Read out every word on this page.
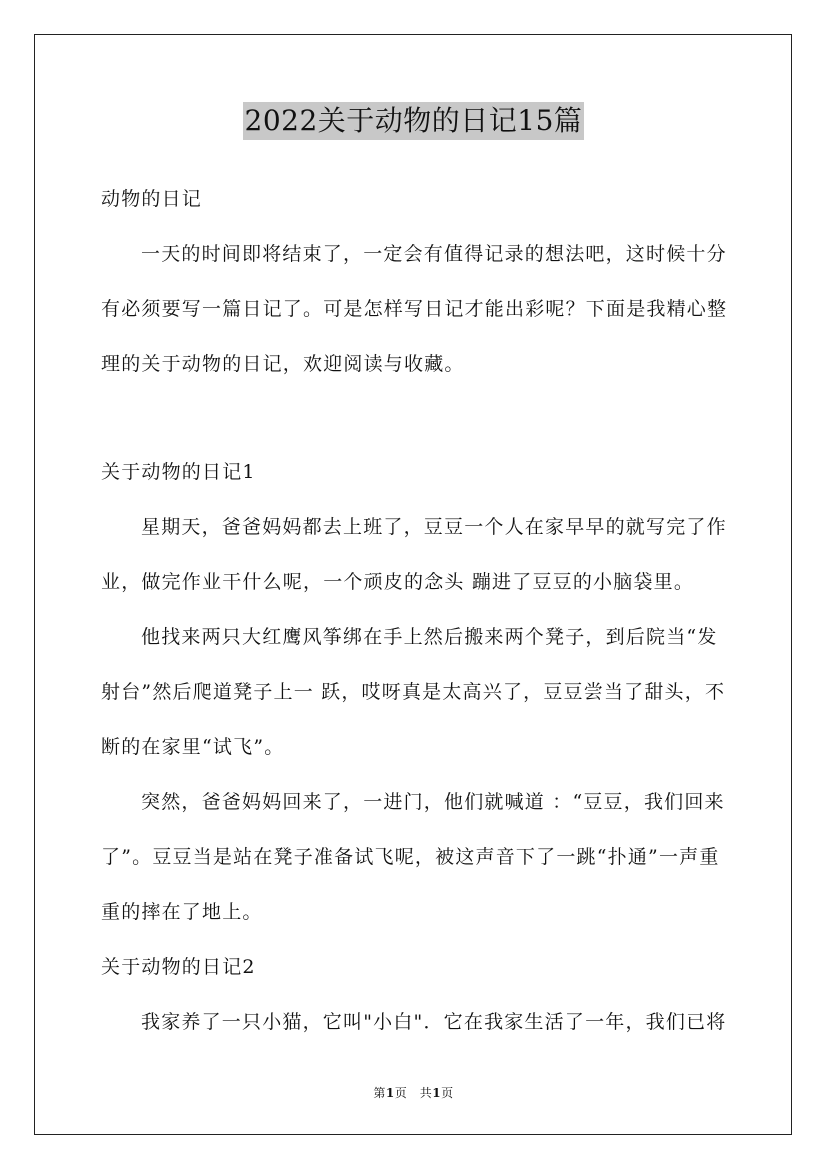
2022关于动物的日记15篇

动物的日记

一天的时间即将结束了，一定会有值得记录的想法吧，这时候十分有必须要写一篇日记了。可是怎样写日记才能出彩呢？下面是我精心整理的关于动物的日记，欢迎阅读与收藏。

关于动物的日记1

星期天，爸爸妈妈都去上班了，豆豆一个人在家早早的就写完了作业，做完作业干什么呢，一个顽皮的念头 蹦进了豆豆的小脑袋里。

他找来两只大红鹰风筝绑在手上然后搬来两个凳子，到后院当“发射台”然后爬道凳子上一 跃，哎呀真是太高兴了，豆豆尝当了甜头，不断的在家里“试飞”。

突然，爸爸妈妈回来了，一进门，他们就喊道 ：“豆豆，我们回来了”。豆豆当是站在凳子准备试飞呢，被这声音下了一跳“扑通”一声重重的摔在了地上。

关于动物的日记2

我家养了一只小猫，它叫"小白"．它在我家生活了一年，我们已将

第1页　共1页
